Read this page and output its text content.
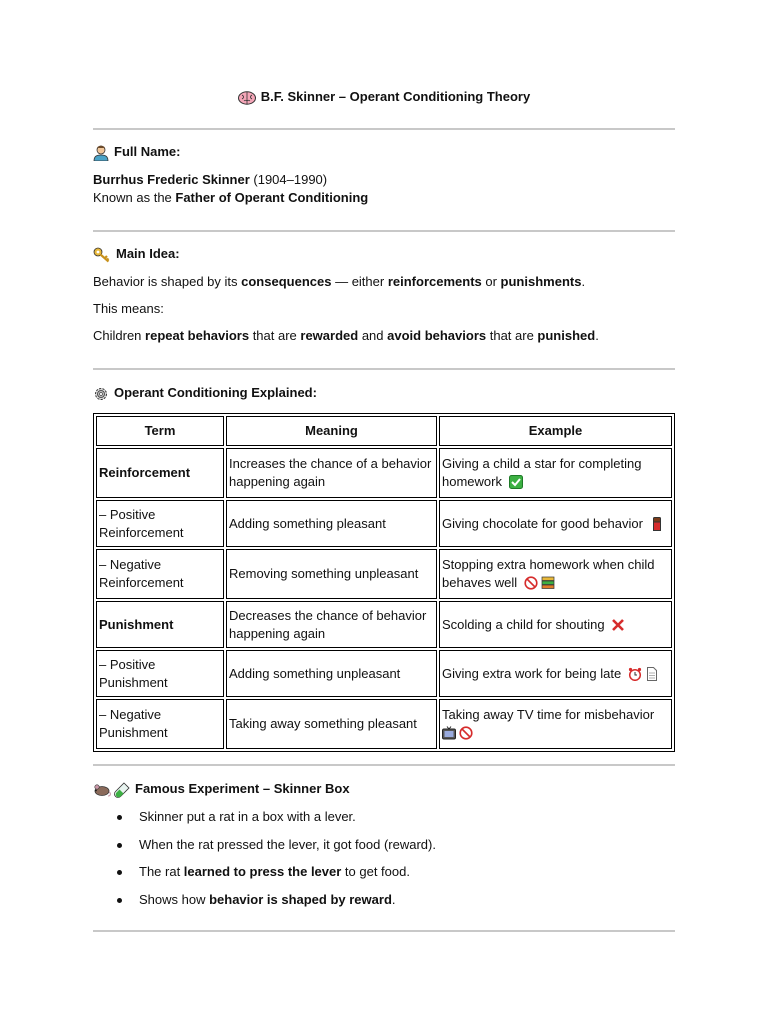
B.F. Skinner – Operant Conditioning Theory
Full Name:
Burrhus Frederic Skinner (1904–1990)
Known as the Father of Operant Conditioning
Main Idea:
Behavior is shaped by its consequences — either reinforcements or punishments.
This means:
Children repeat behaviors that are rewarded and avoid behaviors that are punished.
Operant Conditioning Explained:
Term	Meaning	Example
Reinforcement	Increases the chance of a behavior happening again	Giving a child a star for completing homework
– Positive Reinforcement	Adding something pleasant	Giving chocolate for good behavior
– Negative Reinforcement	Removing something unpleasant	Stopping extra homework when child behaves well
Punishment	Decreases the chance of behavior happening again	Scolding a child for shouting
– Positive Punishment	Adding something unpleasant	Giving extra work for being late
– Negative Punishment	Taking away something pleasant	Taking away TV time for misbehavior

Famous Experiment – Skinner Box
Skinner put a rat in a box with a lever.
When the rat pressed the lever, it got food (reward).
The rat learned to press the lever to get food.
Shows how behavior is shaped by reward.
